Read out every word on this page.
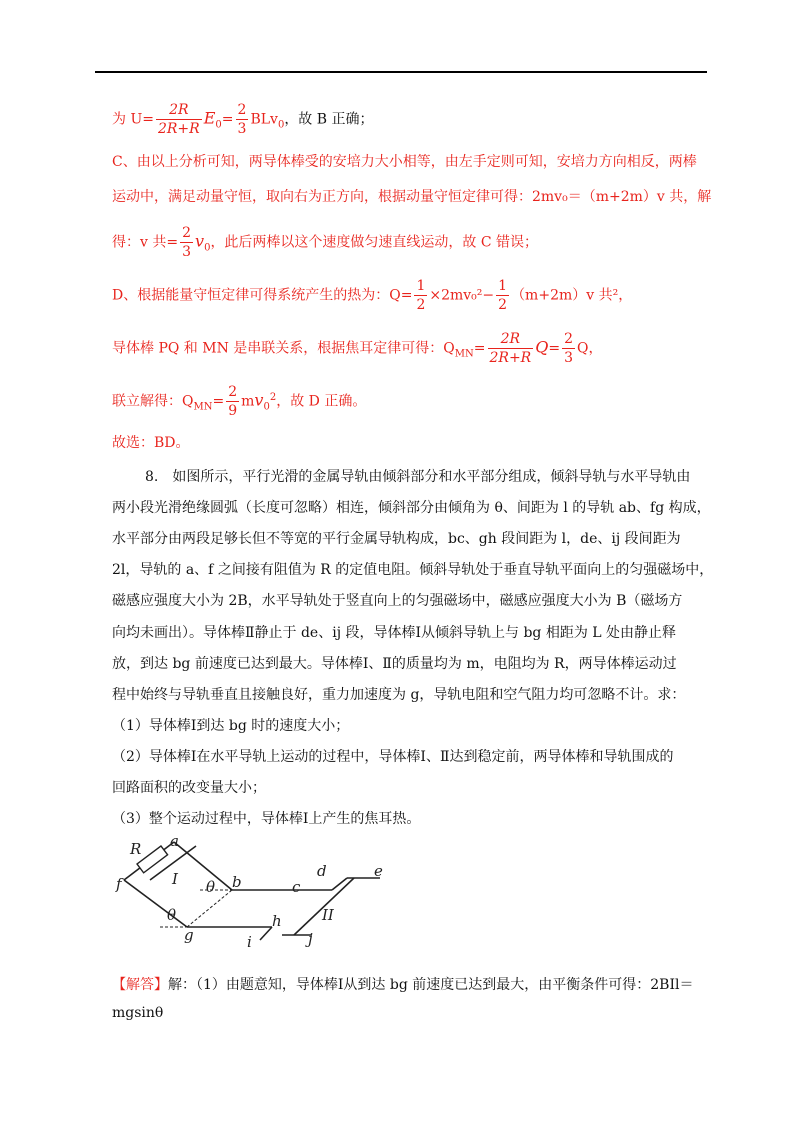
为 $U= \frac{2R}{2R+R} E_0= \frac{2}{3} BLv_0$，故 B 正确；
C、由以上分析可知，两导体棒受的安培力大小相等，由左手定则可知，安培力方向相反，两棒
运动中，满足动量守恒，取向右为正方向，根据动量守恒定律可得：2mv₀＝（m+2m）v 共，解
得：v 共= $\frac{2}{3} v_0$，此后两棒以这个速度做匀速直线运动，故 C 错误；
D、根据能量守恒定律可得系统产生的热为：$Q= \frac{1}{2} \times 2mv_0^2- \frac{1}{2} (m+2m)v$ 共²，
导体棒 PQ 和 MN 是串联关系，根据焦耳定律可得：$Q_{MN}= \frac{2R}{2R+R} Q= \frac{2}{3}$ Q，
联立解得：$Q_{MN}= \frac{2}{9} mv_0^2$，故 D 正确。
故选：BD。
8.　如图所示，平行光滑的金属导轨由倾斜部分和水平部分组成，倾斜导轨与水平导轨由
两小段光滑绝缘圆弧（长度可忽略）相连，倾斜部分由倾角为 θ、间距为 l 的导轨 ab、fg 构成，
水平部分由两段足够长但不等宽的平行金属导轨构成，bc、gh 段间距为 l，de、ij 段间距为
2l，导轨的 a、f 之间接有阻值为 R 的定值电阻。倾斜导轨处于垂直导轨平面向上的匀强磁场中，
磁感应强度大小为 2B，水平导轨处于竖直向上的匀强磁场中，磁感应强度大小为 B（磁场方
向均未画出）。导体棒Ⅱ静止于 de、ij 段，导体棒Ⅰ从倾斜导轨上与 bg 相距为 L 处由静止释
放，到达 bg 前速度已达到最大。导体棒Ⅰ、Ⅱ的质量均为 m，电阻均为 R，两导体棒运动过
程中始终与导轨垂直且接触良好，重力加速度为 g，导轨电阻和空气阻力均可忽略不计。求：
（1）导体棒Ⅰ到达 bg 时的速度大小；
（2）导体棒Ⅰ在水平导轨上运动的过程中，导体棒Ⅰ、Ⅱ达到稳定前，两导体棒和导轨围成的
回路面积的改变量大小；
（3）整个运动过程中，导体棒Ⅰ上产生的焦耳热。
R a
f	I θ b	c
d	e
θ	II
h
g	i	j
【解答】解：（1）由题意知，导体棒Ⅰ从到达 bg 前速度已达到最大，由平衡条件可得：2BIl＝
mgsinθ
